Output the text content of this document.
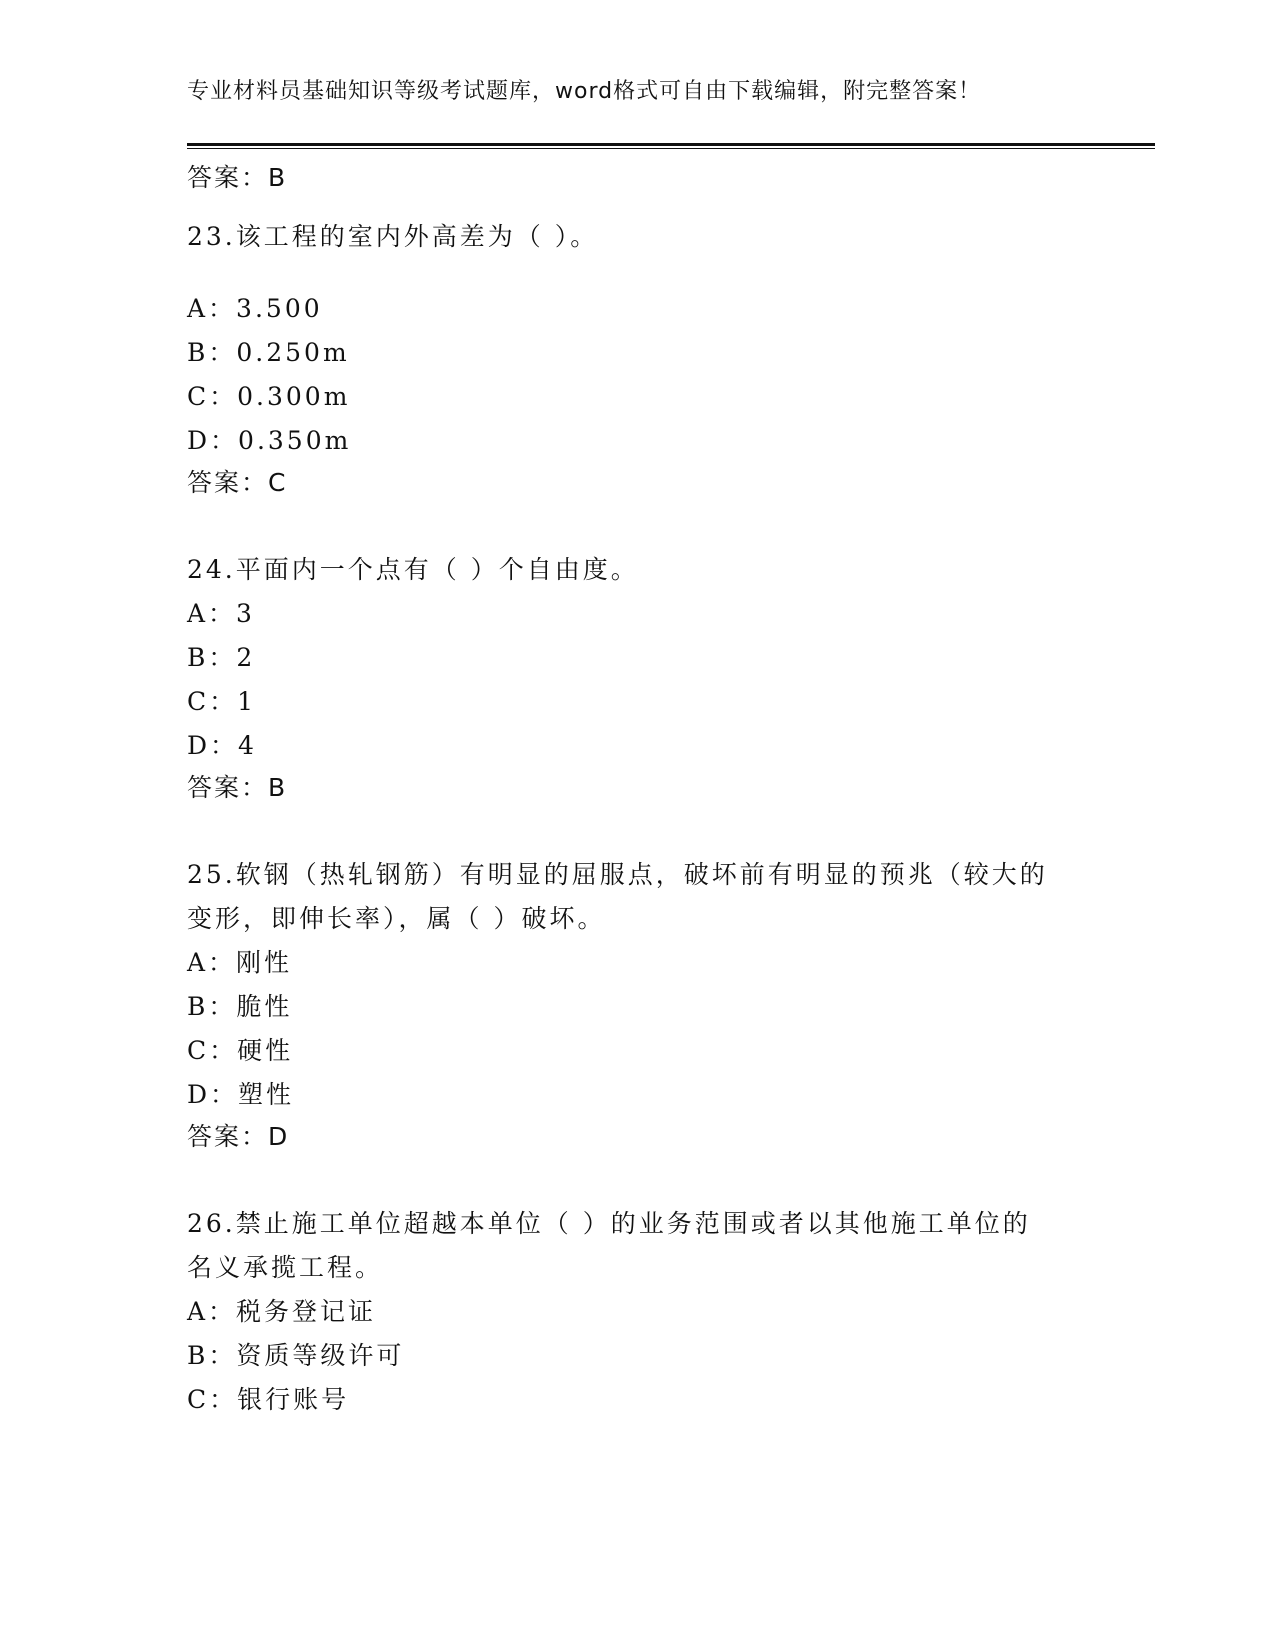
专业材料员基础知识等级考试题库，word格式可自由下载编辑，附完整答案！
答案：B
23.该工程的室内外高差为（ ）。
A：3.500
B：0.250m
C：0.300m
D：0.350m
答案：C
24.平面内一个点有（ ）个自由度。
A：3
B：2
C：1
D：4
答案：B
25.软钢（热轧钢筋）有明显的屈服点，破坏前有明显的预兆（较大的
变形，即伸长率），属（ ）破坏。
A：刚性
B：脆性
C：硬性
D：塑性
答案：D
26.禁止施工单位超越本单位（ ）的业务范围或者以其他施工单位的
名义承揽工程。
A：税务登记证
B：资质等级许可
C：银行账号
